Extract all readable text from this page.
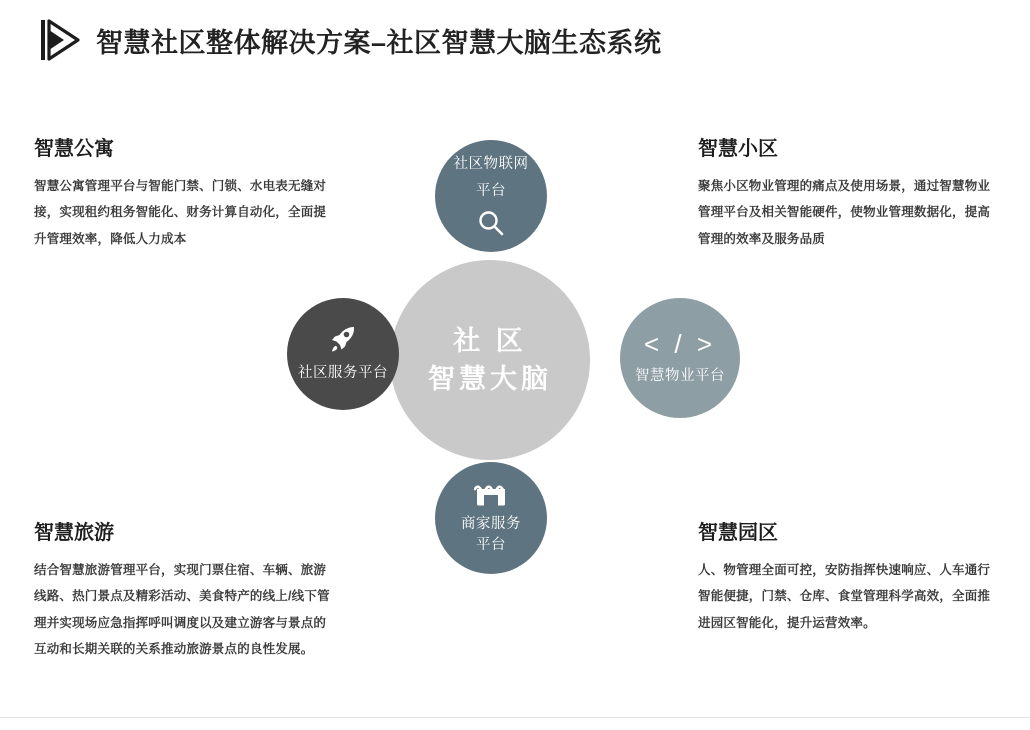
智慧社区整体解决方案–社区智慧大脑生态系统
智慧公寓

智慧公寓管理平台与智能门禁、门锁、水电表无缝对接，实现租约租务智能化、财务计算自动化，全面提升管理效率，降低人力成本

智慧小区

聚焦小区物业管理的痛点及使用场景，通过智慧物业管理平台及相关智能硬件，使物业管理数据化，提高管理的效率及服务品质

智慧旅游

结合智慧旅游管理平台，实现门票住宿、车辆、旅游线路、热门景点及精彩活动、美食特产的线上/线下管理并实现场应急指挥呼叫调度以及建立游客与景点的互动和长期关联的关系推动旅游景点的良性发展。

智慧园区

人、物管理全面可控，安防指挥快速响应、人车通行智能便捷，门禁、仓库、食堂管理科学高效，全面推进园区智能化，提升运营效率。

社 区
智慧大脑
社区物联网
平台
社区服务平台
< / >
智慧物业平台
商家服务
平台
